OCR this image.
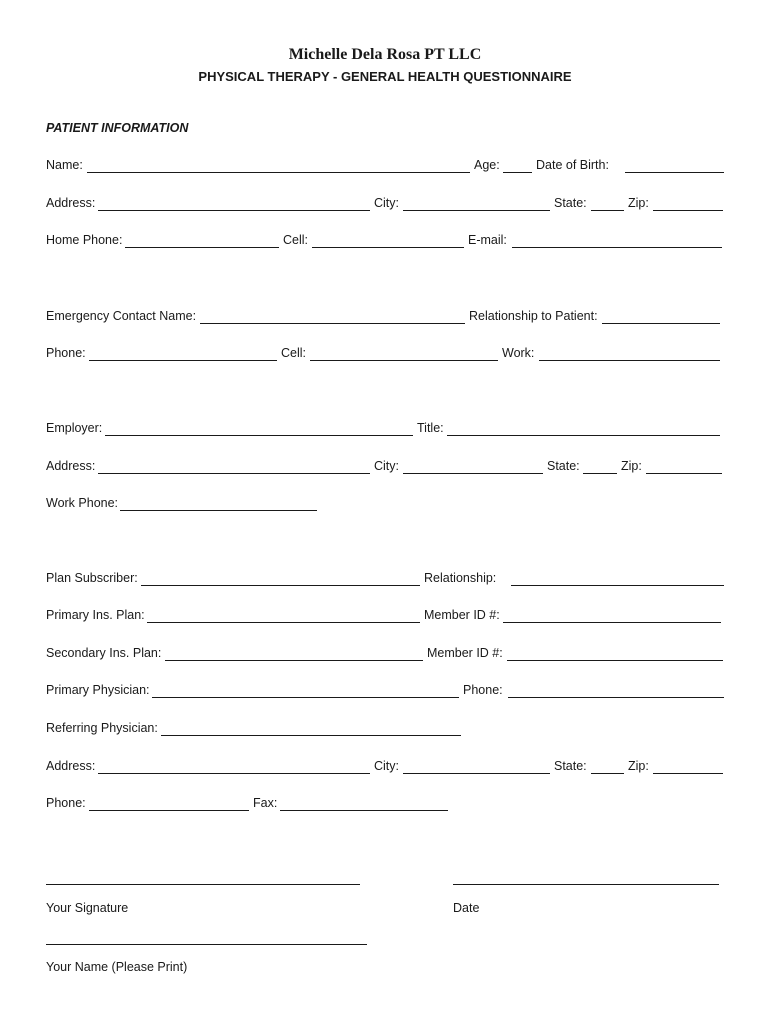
Michelle Dela Rosa PT LLC
PHYSICAL THERAPY - GENERAL HEALTH QUESTIONNAIRE
PATIENT INFORMATION
Name:	Age:	Date of Birth:
Address:	City:	State:	Zip:
Home Phone:	Cell:	E-mail:
Emergency Contact Name:	Relationship to Patient:
Phone:	Cell:	Work:
Employer:	Title:
Address:	City:	State:	Zip:
Work Phone:
Plan Subscriber:	Relationship:
Primary Ins. Plan:	Member ID #:
Secondary Ins. Plan:	Member ID #:
Primary Physician:	Phone:
Referring Physician:
Address:	City:	State:	Zip:
Phone:	Fax:
Your Signature	Date
Your Name (Please Print)
